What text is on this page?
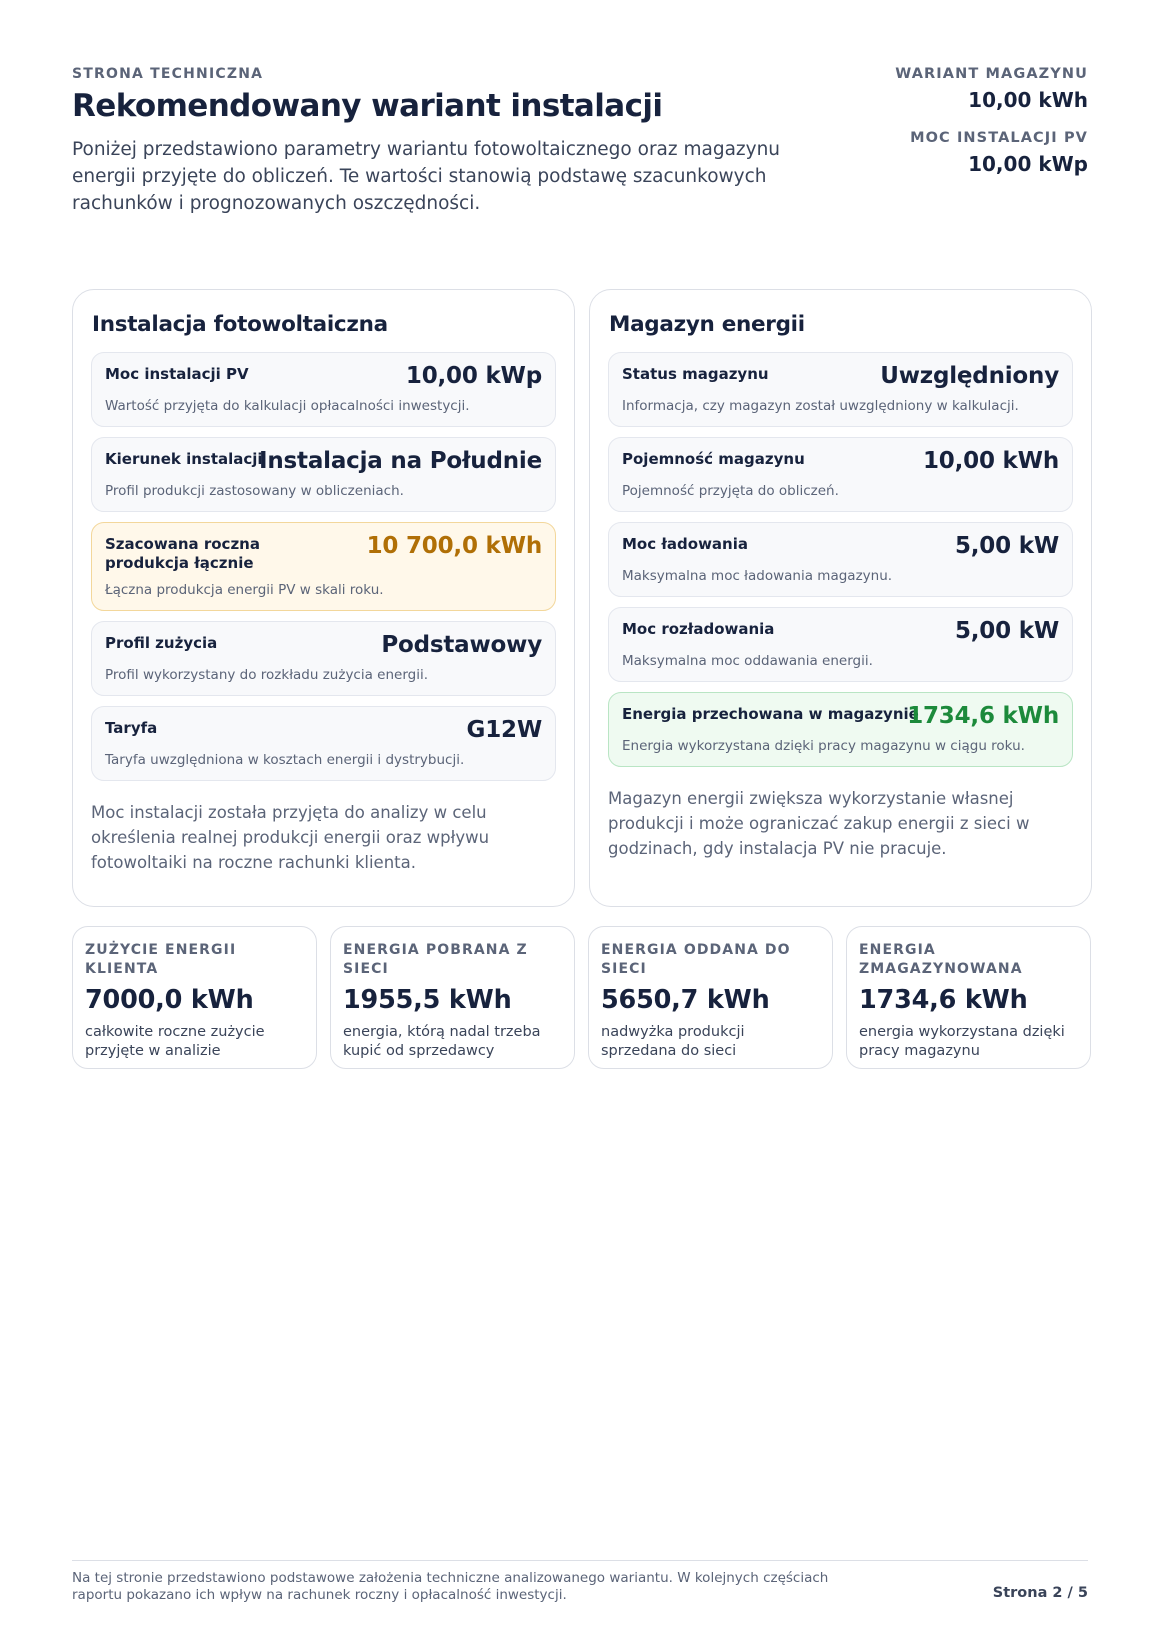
STRONA TECHNICZNA
Rekomendowany wariant instalacji
Poniżej przedstawiono parametry wariantu fotowoltaicznego oraz magazynu energii przyjęte do obliczeń. Te wartości stanowią podstawę szacunkowych rachunków i prognozowanych oszczędności.
WARIANT MAGAZYNU
10,00 kWh
MOC INSTALACJI PV
10,00 kWp
Instalacja fotowoltaiczna
Moc instalacji PV	10,00 kWp
Wartość przyjęta do kalkulacji opłacalności inwestycji.
Kierunek instalacji
Instalacja na Południe
Profil produkcji zastosowany w obliczeniach.
Szacowana roczna produkcja łącznie
10 700,0 kWh
Łączna produkcja energii PV w skali roku.
Profil zużycia	Podstawowy
Profil wykorzystany do rozkładu zużycia energii.
Taryfa	G12W
Taryfa uwzględniona w kosztach energii i dystrybucji.
Moc instalacji została przyjęta do analizy w celu określenia realnej produkcji energii oraz wpływu fotowoltaiki na roczne rachunki klienta.
Magazyn energii
Status magazynu	Uwzględniony
Informacja, czy magazyn został uwzględniony w kalkulacji.
Pojemność magazynu	10,00 kWh
Pojemność przyjęta do obliczeń.
Moc ładowania	5,00 kW
Maksymalna moc ładowania magazynu.
Moc rozładowania	5,00 kW
Maksymalna moc oddawania energii.
Energia przechowana w magazynie
1734,6 kWh
Energia wykorzystana dzięki pracy magazynu w ciągu roku.
Magazyn energii zwiększa wykorzystanie własnej produkcji i może ograniczać zakup energii z sieci w godzinach, gdy instalacja PV nie pracuje.
ZUŻYCIE ENERGII KLIENTA
7000,0 kWh
całkowite roczne zużycie przyjęte w analizie
ENERGIA POBRANA Z SIECI
1955,5 kWh
energia, którą nadal trzeba kupić od sprzedawcy
ENERGIA ODDANA DO SIECI
5650,7 kWh
nadwyżka produkcji sprzedana do sieci
ENERGIA ZMAGAZYNOWANA
1734,6 kWh
energia wykorzystana dzięki pracy magazynu
Na tej stronie przedstawiono podstawowe założenia techniczne analizowanego wariantu. W kolejnych częściach raportu pokazano ich wpływ na rachunek roczny i opłacalność inwestycji.	Strona 2 / 5
